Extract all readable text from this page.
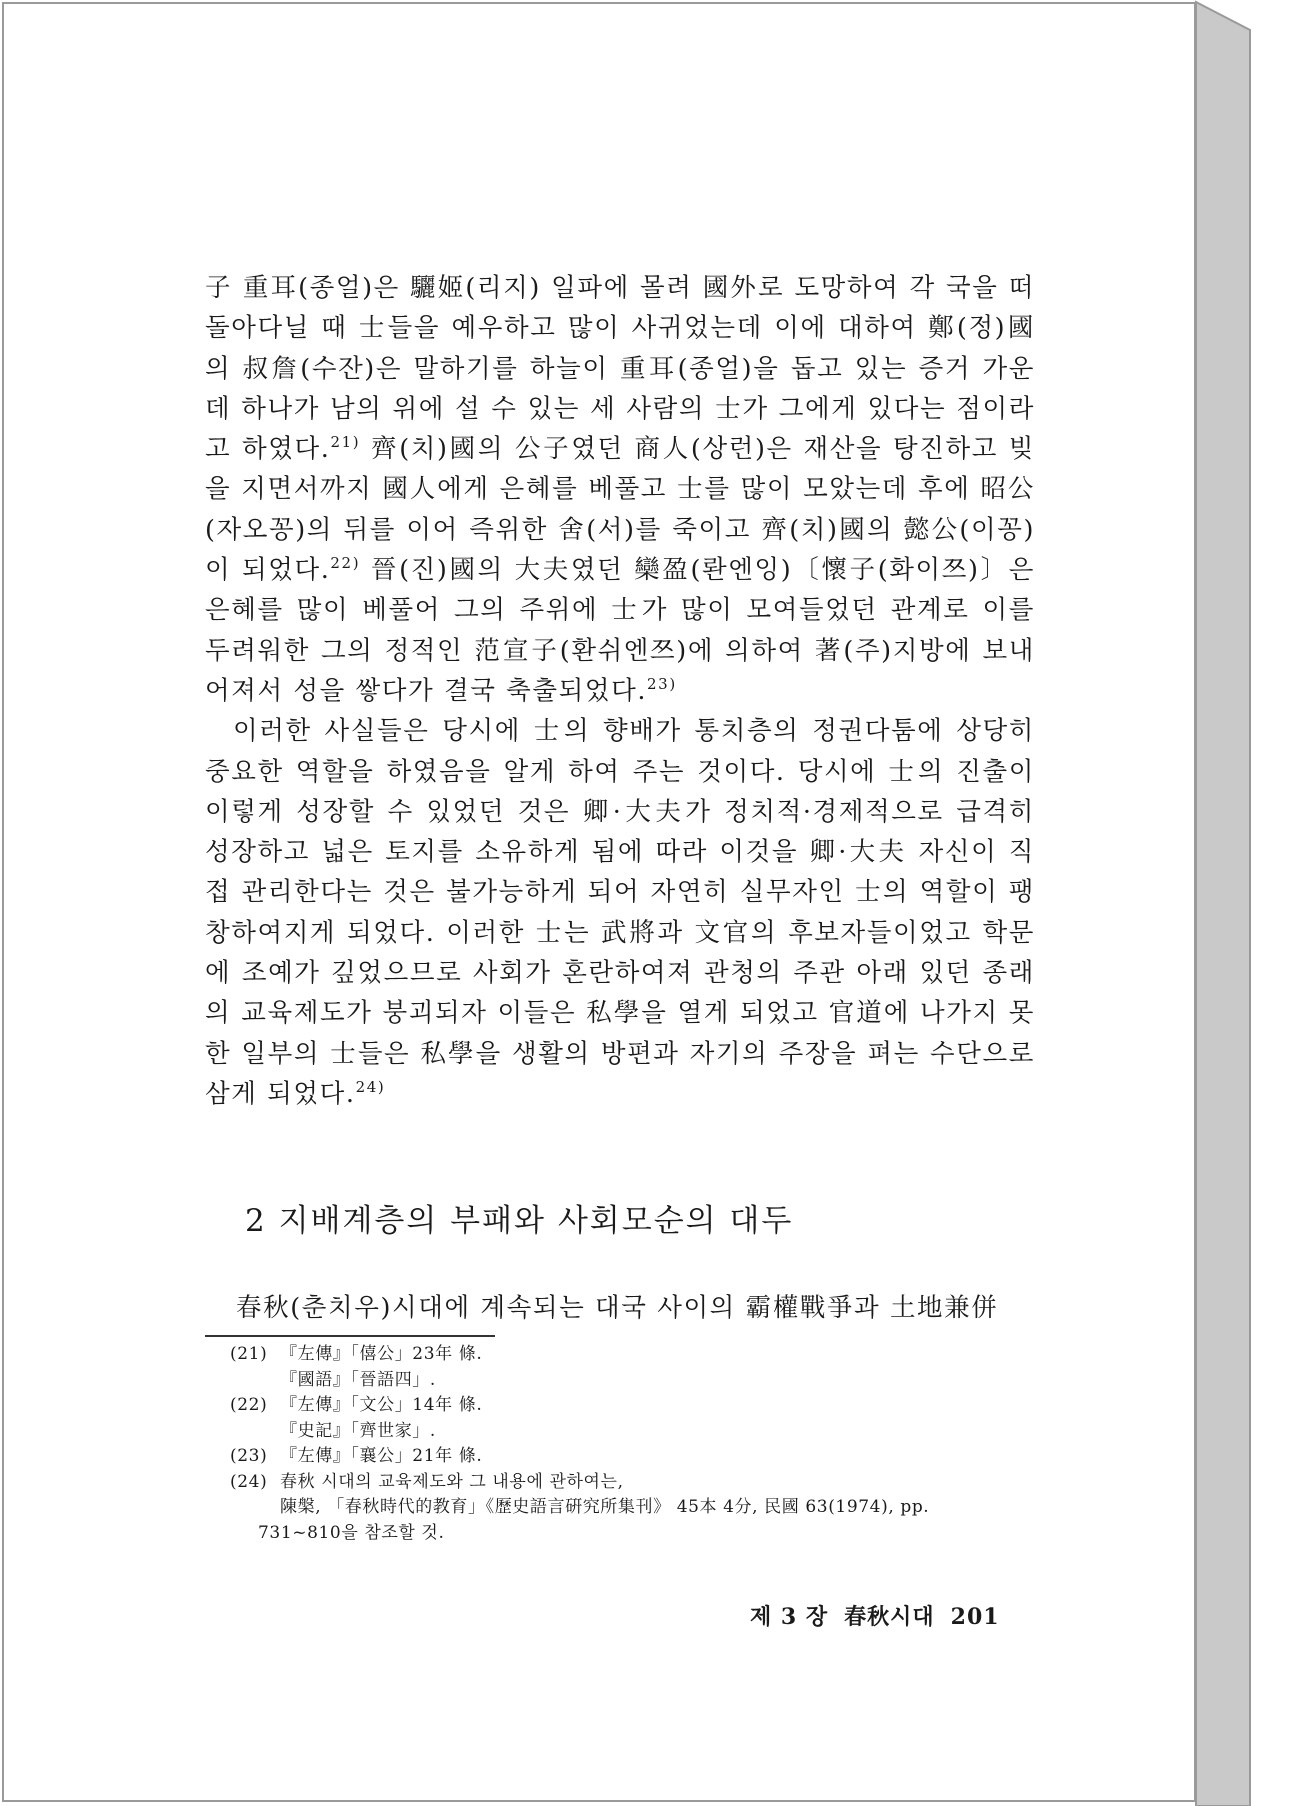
子 重耳(종얼)은 驪姬(리지) 일파에 몰려 國外로 도망하여 각 국을 떠돌아다닐 때 士들을 예우하고 많이 사귀었는데 이에 대하여 鄭(정)國의 叔詹(수잔)은 말하기를 하늘이 重耳(종얼)을 돕고 있는 증거 가운데 하나가 남의 위에 설 수 있는 세 사람의 士가 그에게 있다는 점이라고 하였다.$^{21)}$ 齊(치)國의 公子였던 商人(상런)은 재산을 탕진하고 빚을 지면서까지 國人에게 은혜를 베풀고 士를 많이 모았는데 후에 昭公(자오꽁)의 뒤를 이어 즉위한 舍(서)를 죽이고 齊(치)國의 懿公(이꽁)이 되었다.$^{22)}$ 晉(진)國의 大夫였던 欒盈(롼엔잉)〔懷子(화이쯔)〕은 은혜를 많이 베풀어 그의 주위에 士가 많이 모여들었던 관계로 이를 두려워한 그의 정적인 范宣子(환쉬엔쯔)에 의하여 著(주)지방에 보내어져서 성을 쌓다가 결국 축출되었다.$^{23)}$

이러한 사실들은 당시에 士의 향배가 통치층의 정권다툼에 상당히 중요한 역할을 하였음을 알게 하여 주는 것이다. 당시에 士의 진출이 이렇게 성장할 수 있었던 것은 卿·大夫가 정치적·경제적으로 급격히 성장하고 넓은 토지를 소유하게 됨에 따라 이것을 卿·大夫 자신이 직접 관리한다는 것은 불가능하게 되어 자연히 실무자인 士의 역할이 팽창하여지게 되었다. 이러한 士는 武將과 文官의 후보자들이었고 학문에 조예가 깊었으므로 사회가 혼란하여져 관청의 주관 아래 있던 종래의 교육제도가 붕괴되자 이들은 私學을 열게 되었고 官道에 나가지 못한 일부의 士들은 私學을 생활의 방편과 자기의 주장을 펴는 수단으로 삼게 되었다.$^{24)}$

2 지배계층의 부패와 사회모순의 대두

春秋(춘치우)시대에 계속되는 대국 사이의 霸權戰爭과 土地兼併

(21) 『左傳』「僖公」23年 條.
『國語』「晉語四」.
(22) 『左傳』「文公」14年 條.
『史記』「齊世家」.
(23) 『左傳』「襄公」21年 條.
(24) 春秋 시대의 교육제도와 그 내용에 관하여는,
陳槃, 「春秋時代的教育」《歷史語言硏究所集刊》 45本 4分, 民國 63(1974), pp.
731~810을 참조할 것.
제 3 장 春秋시대 201
